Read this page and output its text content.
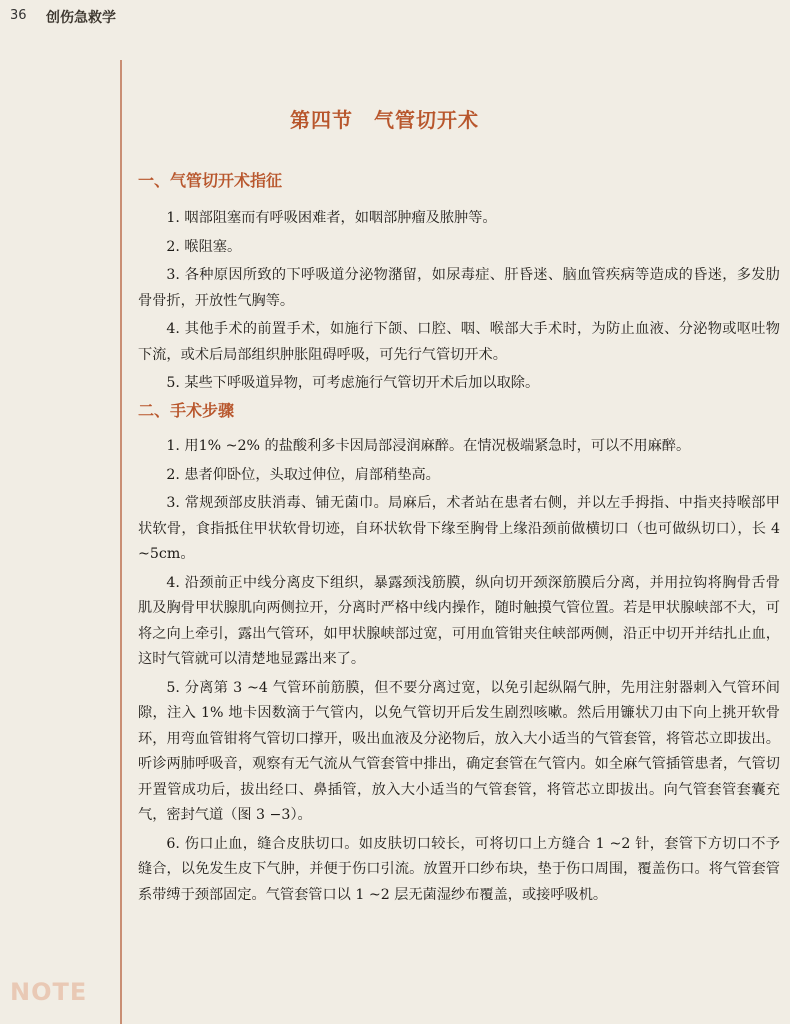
36 创伤急救学
第四节　气管切开术
一、气管切开术指征

1. 咽部阻塞而有呼吸困难者，如咽部肿瘤及脓肿等。

2. 喉阻塞。

3. 各种原因所致的下呼吸道分泌物潴留，如尿毒症、肝昏迷、脑血管疾病等造成的昏迷，多发肋骨骨折，开放性气胸等。

4. 其他手术的前置手术，如施行下颌、口腔、咽、喉部大手术时，为防止血液、分泌物或呕吐物下流，或术后局部组织肿胀阻碍呼吸，可先行气管切开术。

5. 某些下呼吸道异物，可考虑施行气管切开术后加以取除。

二、手术步骤

1. 用1% ~2% 的盐酸利多卡因局部浸润麻醉。在情况极端紧急时，可以不用麻醉。

2. 患者仰卧位，头取过伸位，肩部稍垫高。

3. 常规颈部皮肤消毒、铺无菌巾。局麻后，术者站在患者右侧，并以左手拇指、中指夹持喉部甲状软骨，食指抵住甲状软骨切迹，自环状软骨下缘至胸骨上缘沿颈前做横切口（也可做纵切口），长 4 ~5cm。

4. 沿颈前正中线分离皮下组织，暴露颈浅筋膜，纵向切开颈深筋膜后分离，并用拉钩将胸骨舌骨肌及胸骨甲状腺肌向两侧拉开，分离时严格中线内操作，随时触摸气管位置。若是甲状腺峡部不大，可将之向上牵引，露出气管环，如甲状腺峡部过宽，可用血管钳夹住峡部两侧，沿正中切开并结扎止血，这时气管就可以清楚地显露出来了。

5. 分离第 3 ~4 气管环前筋膜，但不要分离过宽，以免引起纵隔气肿，先用注射器刺入气管环间隙，注入 1% 地卡因数滴于气管内，以免气管切开后发生剧烈咳嗽。然后用镰状刀由下向上挑开软骨环，用弯血管钳将气管切口撑开，吸出血液及分泌物后，放入大小适当的气管套管，将管芯立即拔出。听诊两肺呼吸音，观察有无气流从气管套管中排出，确定套管在气管内。如全麻气管插管患者，气管切开置管成功后，拔出经口、鼻插管，放入大小适当的气管套管，将管芯立即拔出。向气管套管套囊充气，密封气道（图 3 −3）。

6. 伤口止血，缝合皮肤切口。如皮肤切口较长，可将切口上方缝合 1 ~2 针，套管下方切口不予缝合，以免发生皮下气肿，并便于伤口引流。放置开口纱布块，垫于伤口周围，覆盖伤口。将气管套管系带缚于颈部固定。气管套管口以 1 ~2 层无菌湿纱布覆盖，或接呼吸机。

NOTE
